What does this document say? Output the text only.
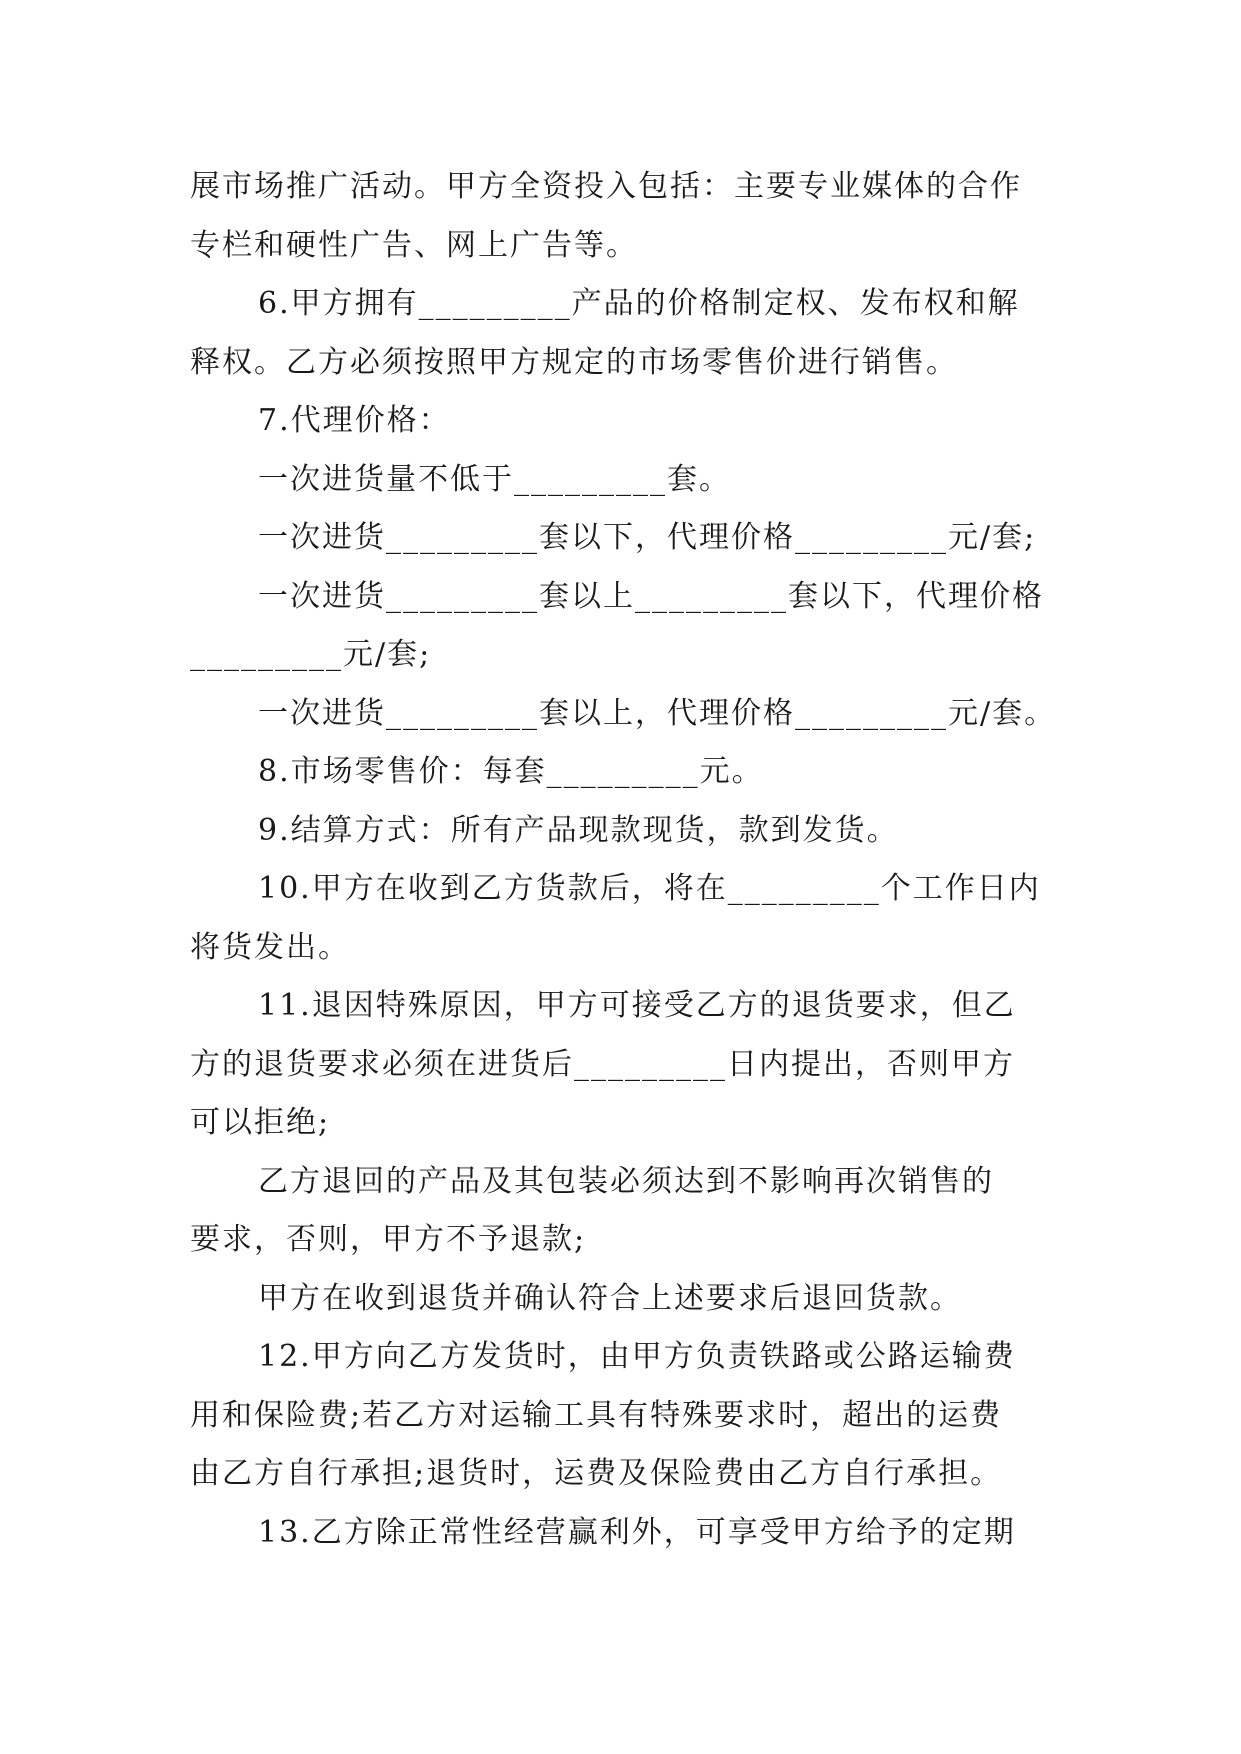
展市场推广活动。甲方全资投入包括：主要专业媒体的合作
专栏和硬性广告、网上广告等。
6.甲方拥有_________产品的价格制定权、发布权和解
释权。乙方必须按照甲方规定的市场零售价进行销售。
7.代理价格：
一次进货量不低于_________套。
一次进货_________套以下，代理价格_________元/套;
一次进货_________套以上_________套以下，代理价格
_________元/套;
一次进货_________套以上，代理价格_________元/套。
8.市场零售价：每套_________元。
9.结算方式：所有产品现款现货，款到发货。
10.甲方在收到乙方货款后，将在_________个工作日内
将货发出。
11.退因特殊原因，甲方可接受乙方的退货要求，但乙
方的退货要求必须在进货后_________日内提出，否则甲方
可以拒绝;
乙方退回的产品及其包装必须达到不影响再次销售的
要求，否则，甲方不予退款;
甲方在收到退货并确认符合上述要求后退回货款。
12.甲方向乙方发货时，由甲方负责铁路或公路运输费
用和保险费;若乙方对运输工具有特殊要求时，超出的运费
由乙方自行承担;退货时，运费及保险费由乙方自行承担。
13.乙方除正常性经营赢利外，可享受甲方给予的定期
